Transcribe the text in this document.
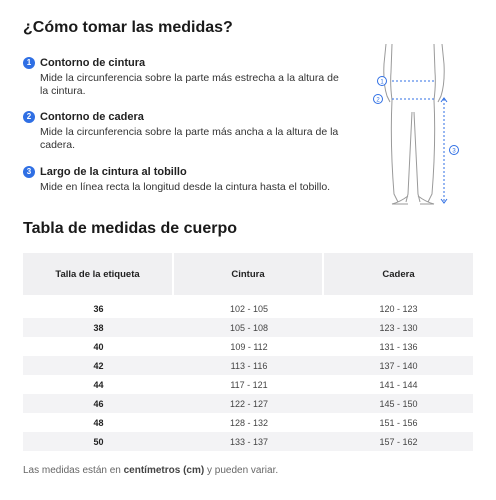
¿Cómo tomar las medidas?
1 Contorno de cintura
Mide la circunferencia sobre la parte más estrecha a la altura de la cintura.
2 Contorno de cadera
Mide la circunferencia sobre la parte más ancha a la altura de la cadera.
3 Largo de la cintura al tobillo
Mide en línea recta la longitud desde la cintura hasta el tobillo.
1
2
3
Tabla de medidas de cuerpo
Talla de la etiqueta	Cintura	Cadera
36	102 - 105	120 - 123
38	105 - 108	123 - 130
40	109 - 112	131 - 136
42	113 - 116	137 - 140
44	117 - 121	141 - 144
46	122 - 127	145 - 150
48	128 - 132	151 - 156
50	133 - 137	157 - 162
Las medidas están en centímetros (cm) y pueden variar.
